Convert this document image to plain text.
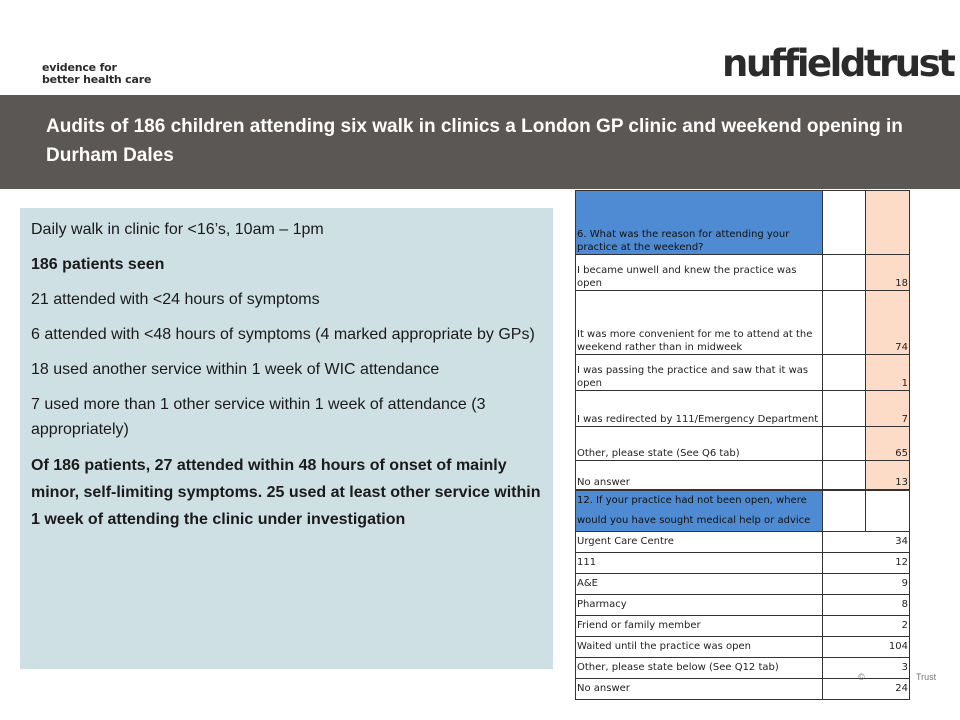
evidence for
better health care	nuffieldtrust
Audits of 186 children attending six walk in clinics a London GP clinic and weekend opening in Durham Dales

Daily walk in clinic for <16’s, 10am – 1pm

186 patients seen

21 attended with <24 hours of symptoms

6 attended with <48 hours of symptoms (4 marked appropriate by GPs)

18 used another service within 1 week of WIC attendance

7 used more than 1 other service within 1 week of attendance (3 appropriately)

Of 186 patients, 27 attended within 48 hours of onset of mainly minor, self-limiting symptoms. 25 used at least other service within 1 week of attending the clinic under investigation

6. What was the reason for attending your practice at the weekend?		
I became unwell and knew the practice was open		18
It was more convenient for me to attend at the weekend rather than in midweek		74
I was passing the practice and saw that it was open		1
I was redirected by 111/Emergency Department		7
Other, please state (See Q6 tab)		65
No answer		13
12. If your practice had not been open, where would you have sought medical help or advice		
Urgent Care Centre	34	
111	12	
A&E	9	
Pharmacy	8	
Friend or family member	2	
Waited until the practice was open	104	
Other, please state below (See Q12 tab)	3	
No answer	24	
©	Trust
